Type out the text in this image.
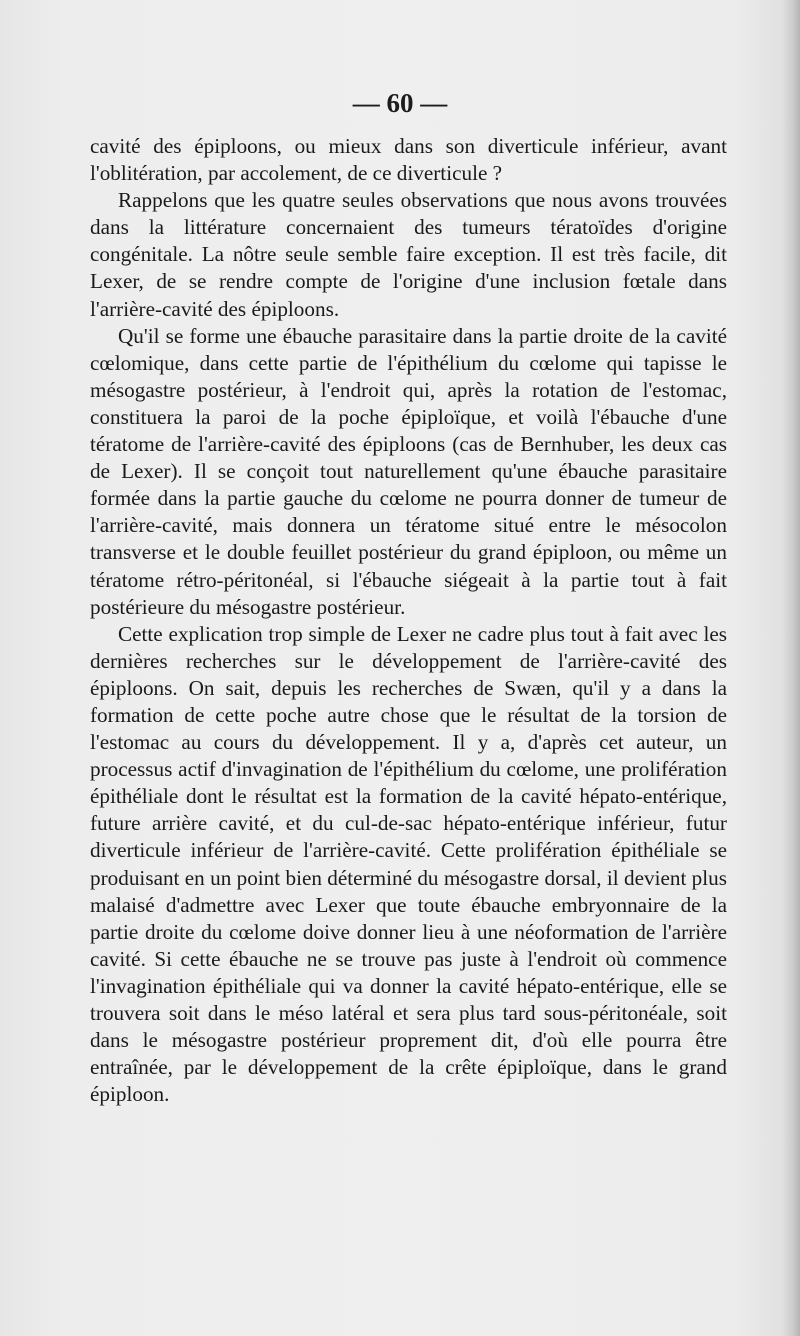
— 60 —

cavité des épiploons, ou mieux dans son diverticule inférieur, avant l'oblitération, par accolement, de ce diverticule ?

Rappelons que les quatre seules observations que nous avons trouvées dans la littérature concernaient des tumeurs tératoïdes d'origine congénitale. La nôtre seule semble faire exception. Il est très facile, dit Lexer, de se rendre compte de l'origine d'une inclusion fœtale dans l'arrière-cavité des épiploons.

Qu'il se forme une ébauche parasitaire dans la partie droite de la cavité cœlomique, dans cette partie de l'épithélium du cœlome qui tapisse le mésogastre postérieur, à l'endroit qui, après la rotation de l'estomac, constituera la paroi de la poche épiploïque, et voilà l'ébauche d'une tératome de l'arrière-cavité des épiploons (cas de Bernhuber, les deux cas de Lexer). Il se conçoit tout naturellement qu'une ébauche parasitaire formée dans la partie gauche du cœlome ne pourra donner de tumeur de l'arrière-cavité, mais donnera un tératome situé entre le mésocolon transverse et le double feuillet postérieur du grand épiploon, ou même un tératome rétro-péritonéal, si l'ébauche siégeait à la partie tout à fait postérieure du mésogastre postérieur.

Cette explication trop simple de Lexer ne cadre plus tout à fait avec les dernières recherches sur le développement de l'arrière-cavité des épiploons. On sait, depuis les recherches de Swæn, qu'il y a dans la formation de cette poche autre chose que le résultat de la torsion de l'estomac au cours du développement. Il y a, d'après cet auteur, un processus actif d'invagination de l'épithélium du cœlome, une prolifération épithéliale dont le résultat est la formation de la cavité hépato-entérique, future arrière cavité, et du cul-de-sac hépato-entérique inférieur, futur diverticule inférieur de l'arrière-cavité. Cette prolifération épithéliale se produisant en un point bien déterminé du mésogastre dorsal, il devient plus malaisé d'admettre avec Lexer que toute ébauche embryonnaire de la partie droite du cœlome doive donner lieu à une néoformation de l'arrière cavité. Si cette ébauche ne se trouve pas juste à l'endroit où commence l'invagination épithéliale qui va donner la cavité hépato-entérique, elle se trouvera soit dans le méso latéral et sera plus tard sous-péritonéale, soit dans le mésogastre postérieur proprement dit, d'où elle pourra être entraînée, par le développement de la crête épiploïque, dans le grand épiploon.
